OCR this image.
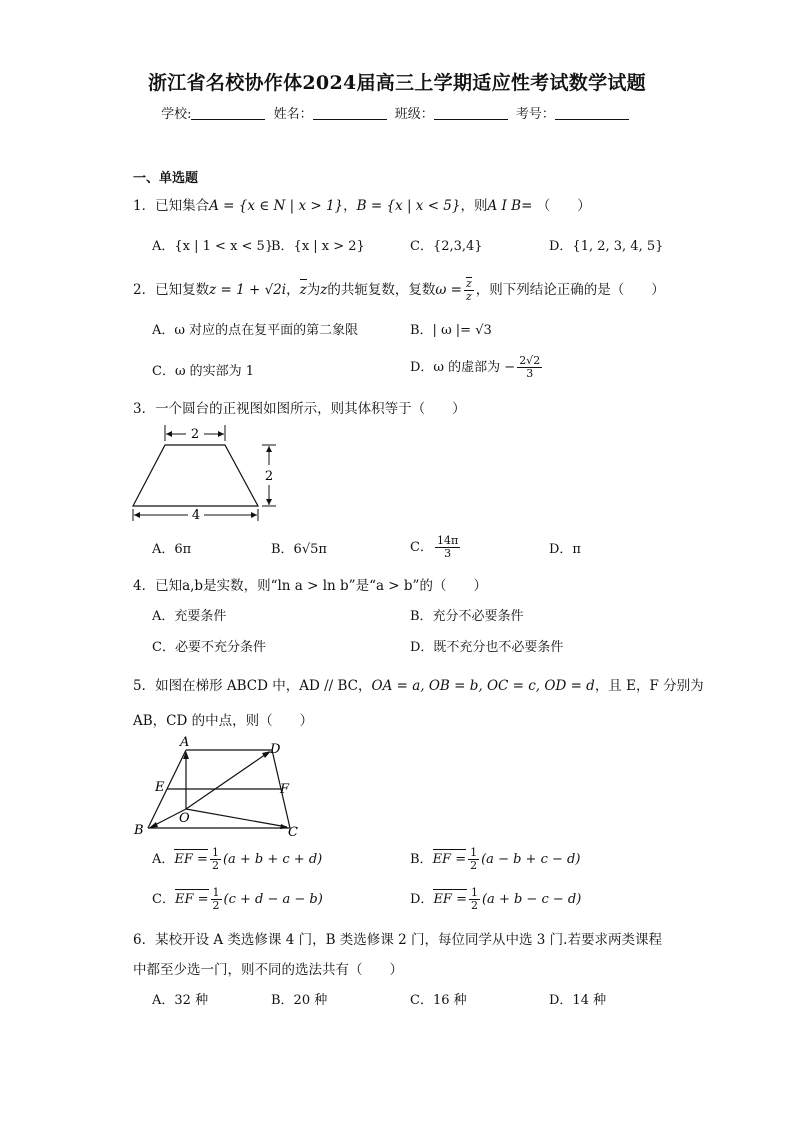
浙江省名校协作体2024届高三上学期适应性考试数学试题
学校:	姓名：	班级：	考号：
一、单选题
1．已知集合A = {x ∈ N | x > 1}，B = {x | x < 5}，则A I B= （　　）
A．{x | 1 < x < 5}
B．{x | x > 2}	C．{2,3,4}	D．{1, 2, 3, 4, 5}
2．已知复数z = 1 + √2i，z为z的共轭复数，复数$\omega = \frac{z}{z}$ ，则下列结论正确的是（　　）
A．ω 对应的点在复平面的第二象限	B．| ω |= √3
C．ω 的实部为 1	D．ω 的虚部为 − $\frac{2√2}{3}$
3．一个圆台的正视图如图所示，则其体积等于（　　）
2
2
4
A．6π	B．6√5π	C． $\frac{14\pi}{3}$	D．π
4．已知a,b是实数，则“ln a > ln b”是“a > b”的（　　）
A．充要条件	B．充分不必要条件
C．必要不充分条件	D．既不充分也不必要条件
5．如图在梯形 ABCD 中，AD // BC，OA = a, OB = b, OC = c, OD = d，且 E，F 分别为
AB，CD 的中点，则（　　）
A	D
E	F
O
B	C
A．EF = $\frac{1}{2} (a + b + c + d)$	B．EF = $\frac{1}{2} (a - b + c - d)$
C．EF = $\frac{1}{2} (c + d - a - b)$	D．EF = $\frac{1}{2} (a + b - c - d)$
6．某校开设 A 类选修课 4 门，B 类选修课 2 门，每位同学从中选 3 门.若要求两类课程
中都至少选一门，则不同的选法共有（　　）
A．32 种	B．20 种	C．16 种	D．14 种
